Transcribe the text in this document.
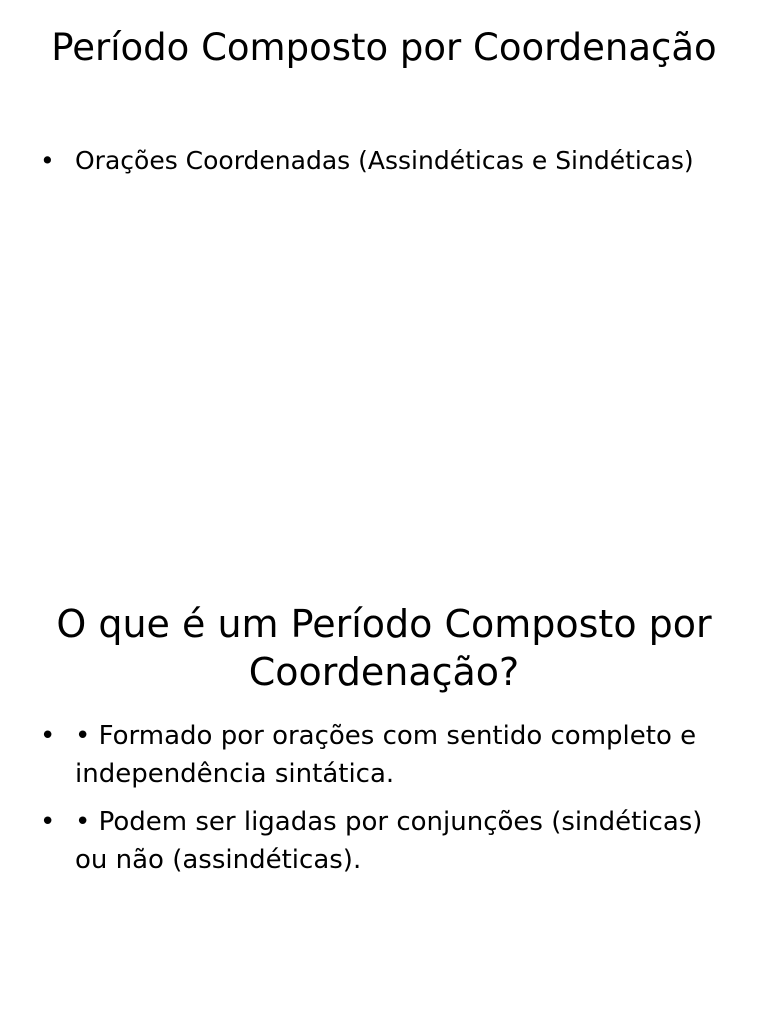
Período Composto por Coordenação
• Orações Coordenadas (Assindéticas e Sindéticas)
O que é um Período Composto por Coordenação?
• • Formado por orações com sentido completo e independência sintática.
• • Podem ser ligadas por conjunções (sindéticas) ou não (assindéticas).
